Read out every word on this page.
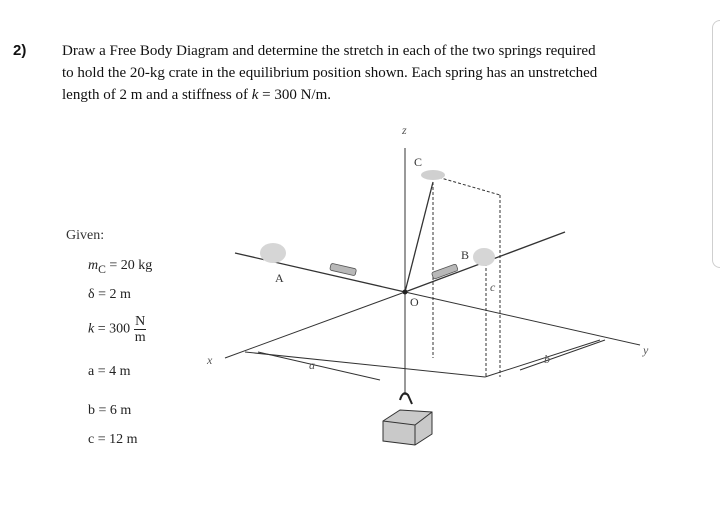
2) Draw a Free Body Diagram and determine the stretch in each of the two springs required
to hold the 20-kg crate in the equilibrium position shown. Each spring has an unstretched
length of 2 m and a stiffness of k = 300 N/m.

Given:
$m_C = 20$ kg
δ = 2 m
$k = 300 \frac{N}{m}$
a = 4 m
b = 6 m
c = 12 m
z
x
y
C
A
B
O
a	b
c
